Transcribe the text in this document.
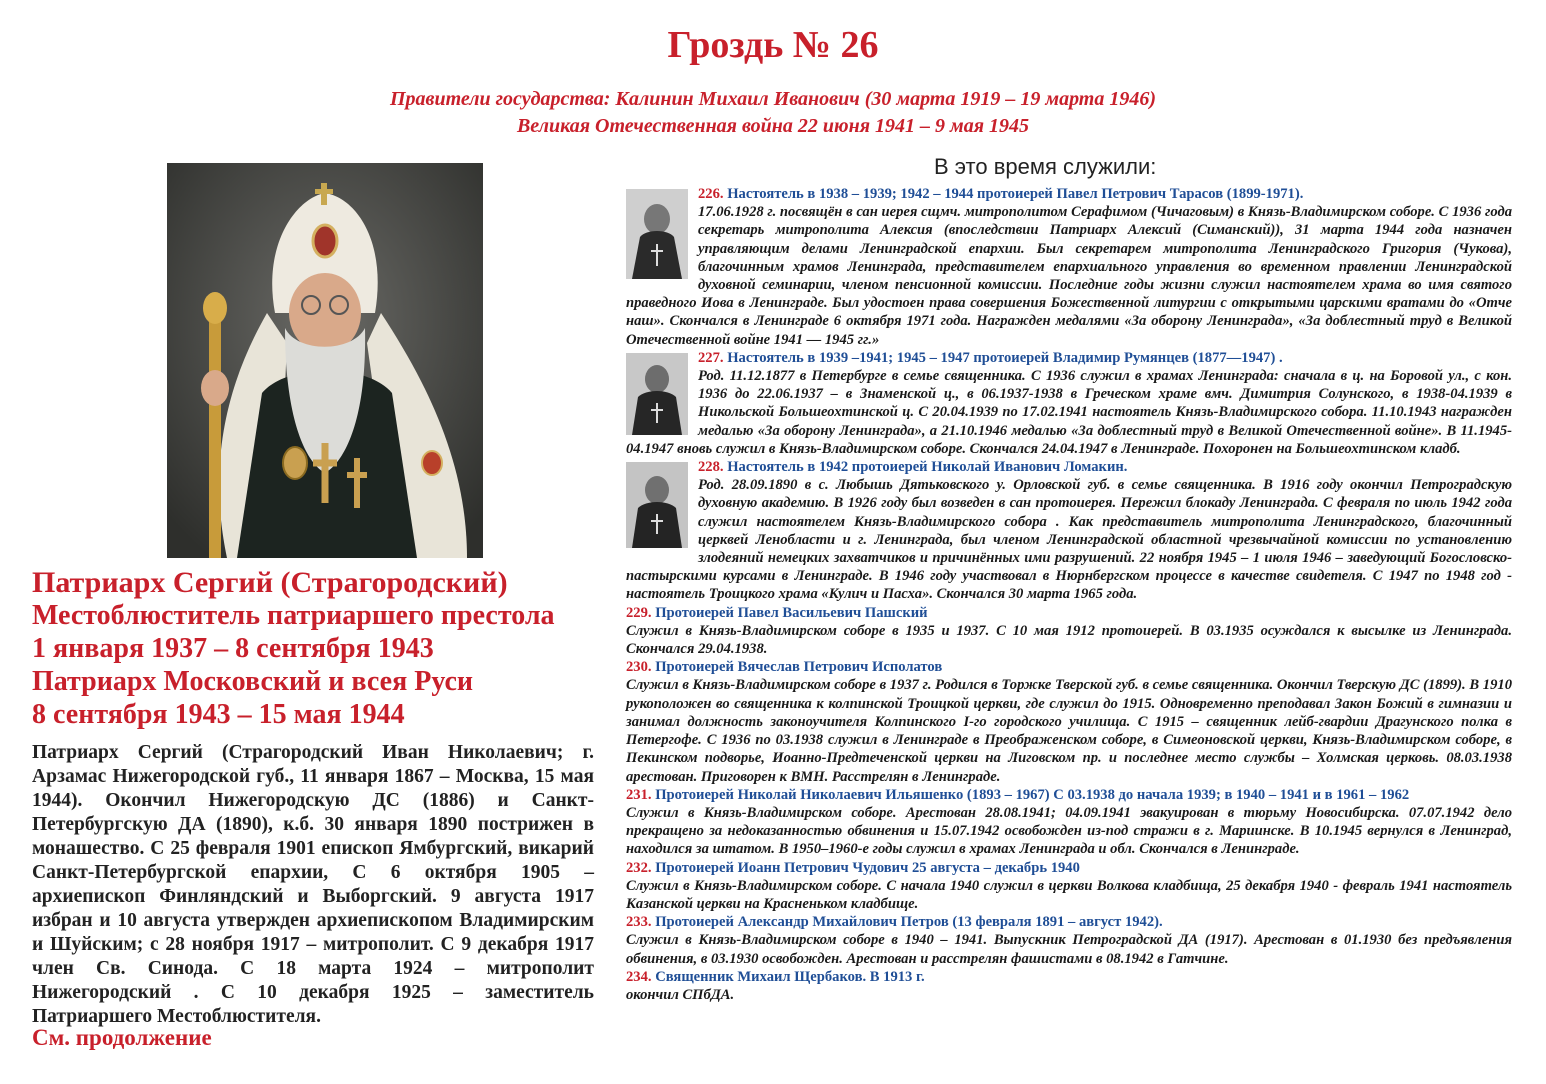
Гроздь № 26
Правители государства: Калинин Михаил Иванович (30 марта 1919 – 19 марта 1946)
Великая Отечественная война 22 июня 1941 – 9 мая 1945
Патриарх Сергий (Страгородский)
Местоблюститель патриаршего престола
1 января 1937 – 8 сентября 1943
Патриарх Московский и всея Руси
8 сентября 1943 – 15 мая 1944
Патриарх Сергий (Страгородский Иван Николаевич; г. Арзамас Нижегородской губ., 11 января 1867 – Москва, 15 мая 1944). Окончил Нижегородскую ДС (1886) и Санкт-Петербургскую ДА (1890), к.б. 30 января 1890 пострижен в монашество. С 25 февраля 1901 епископ Ямбургский, викарий Санкт-Петербургской епархии, С 6 октября 1905 – архиепископ Финляндский и Выборгский. 9 августа 1917 избран и 10 августа утвержден архиепископом Владимирским и Шуйским; с 28 ноября 1917 – митрополит. С 9 декабря 1917 член Св. Синода. С 18 марта 1924 – митрополит Нижегородский . С 10 декабря 1925 – заместитель Патриаршего Местоблюстителя.
См. продолжение
В это время служили:
226. Настоятель в 1938 – 1939; 1942 – 1944 протоиерей Павел Петрович Тарасов (1899-1971).
17.06.1928 г. посвящён в сан иерея сщмч. митрополитом Серафимом (Чичаговым) в Князь-Владимирском соборе. С 1936 года секретарь митрополита Алексия (впоследствии Патриарх Алексий (Симанский)), 31 марта 1944 года назначен управляющим делами Ленинградской епархии. Был секретарем митрополита Ленинградского Григория (Чукова), благочинным храмов Ленинграда, представителем епархиального управления во временном правлении Ленинградской духовной семинарии, членом пенсионной комиссии. Последние годы жизни служил настоятелем храма во имя святого праведного Иова в Ленинграде. Был удостоен права совершения Божественной литургии с открытыми царскими вратами до «Отче наш». Скончался в Ленинграде 6 октября 1971 года. Награжден медалями «За оборону Ленинграда», «За доблестный труд в Великой Отечественной войне 1941 — 1945 гг.»
227. Настоятель в 1939 –1941; 1945 – 1947 протоиерей Владимир Румянцев (1877—1947) .
Род. 11.12.1877 в Петербурге в семье священника. С 1936 служил в храмах Ленинграда: сначала в ц. на Боровой ул., с кон. 1936 до 22.06.1937 – в Знаменской ц., в 06.1937-1938 в Греческом храме вмч. Димитрия Солунского, в 1938-04.1939 в Никольской Большеохтинской ц. С 20.04.1939 по 17.02.1941 настоятель Князь-Владимирского собора. 11.10.1943 награжден медалью «За оборону Ленинграда», а 21.10.1946 медалью «За доблестный труд в Великой Отечественной войне». В 11.1945-04.1947 вновь служил в Князь-Владимирском соборе. Скончался 24.04.1947 в Ленинграде. Похоронен на Большеохтинском кладб.
228. Настоятель в 1942 протоиерей Николай Иванович Ломакин.
Род. 28.09.1890 в с. Любышь Дятьковского у. Орловской губ. в семье священника. В 1916 году окончил Петроградскую духовную академию. В 1926 году был возведен в сан протоиерея. Пережил блокаду Ленинграда. С февраля по июль 1942 года служил настоятелем Князь-Владимирского собора . Как представитель митрополита Ленинградского, благочинный церквей Ленобласти и г. Ленинграда, был членом Ленинградской областной чрезвычайной комиссии по установлению злодеяний немецких захватчиков и причинённых ими разрушений. 22 ноября 1945 – 1 июля 1946 – заведующий Богословско-пастырскими курсами в Ленинграде. В 1946 году участвовал в Нюрнбергском процессе в качестве свидетеля. С 1947 по 1948 год - настоятель Троицкого храма «Кулич и Пасха». Скончался 30 марта 1965 года.
229. Протоиерей Павел Васильевич Пашский
Служил в Князь-Владимирском соборе в 1935 и 1937. С 10 мая 1912 протоиерей. В 03.1935 осуждался к высылке из Ленинграда. Скончался 29.04.1938.
230. Протоиерей Вячеслав Петрович Исполатов
Служил в Князь-Владимирском соборе в 1937 г. Родился в Торжке Тверской губ. в семье священника. Окончил Тверскую ДС (1899). В 1910 рукоположен во священника к колпинской Троицкой церкви, где служил до 1915. Одновременно преподавал Закон Божий в гимназии и занимал должность законоучителя Колпинского I-го городского училища. С 1915 – священник лейб-гвардии Драгунского полка в Петергофе. С 1936 по 03.1938 служил в Ленинграде в Преображенском соборе, в Симеоновской церкви, Князь-Владимирском соборе, в Пекинском подворье, Иоанно-Предтеченской церкви на Лиговском пр. и последнее место службы – Холмская церковь. 08.03.1938 арестован. Приговорен к ВМН. Расстрелян в Ленинграде.
231. Протоиерей Николай Николаевич Ильяшенко (1893 – 1967) С 03.1938 до начала 1939; в 1940 – 1941 и в 1961 – 1962
Служил в Князь-Владимирском соборе. Арестован 28.08.1941; 04.09.1941 эвакуирован в тюрьму Новосибирска. 07.07.1942 дело прекращено за недоказанностью обвинения и 15.07.1942 освобожден из-под стражи в г. Мариинске. В 10.1945 вернулся в Ленинград, находился за штатом. В 1950–1960-е годы служил в храмах Ленинграда и обл. Скончался в Ленинграде.
232. Протоиерей Иоанн Петрович Чудович 25 августа – декабрь 1940
Служил в Князь-Владимирском соборе. С начала 1940 служил в церкви Волкова кладбища, 25 декабря 1940 - февраль 1941 настоятель Казанской церкви на Красненьком кладбище.
233. Протоиерей Александр Михайлович Петров (13 февраля 1891 – август 1942).
Служил в Князь-Владимирском соборе в 1940 – 1941. Выпускник Петроградской ДА (1917). Арестован в 01.1930 без предъявления обвинения, в 03.1930 освобожден. Арестован и расстрелян фашистами в 08.1942 в Гатчине.
234. Священник Михаил Щербаков. В 1913 г.
окончил СПбДА.
